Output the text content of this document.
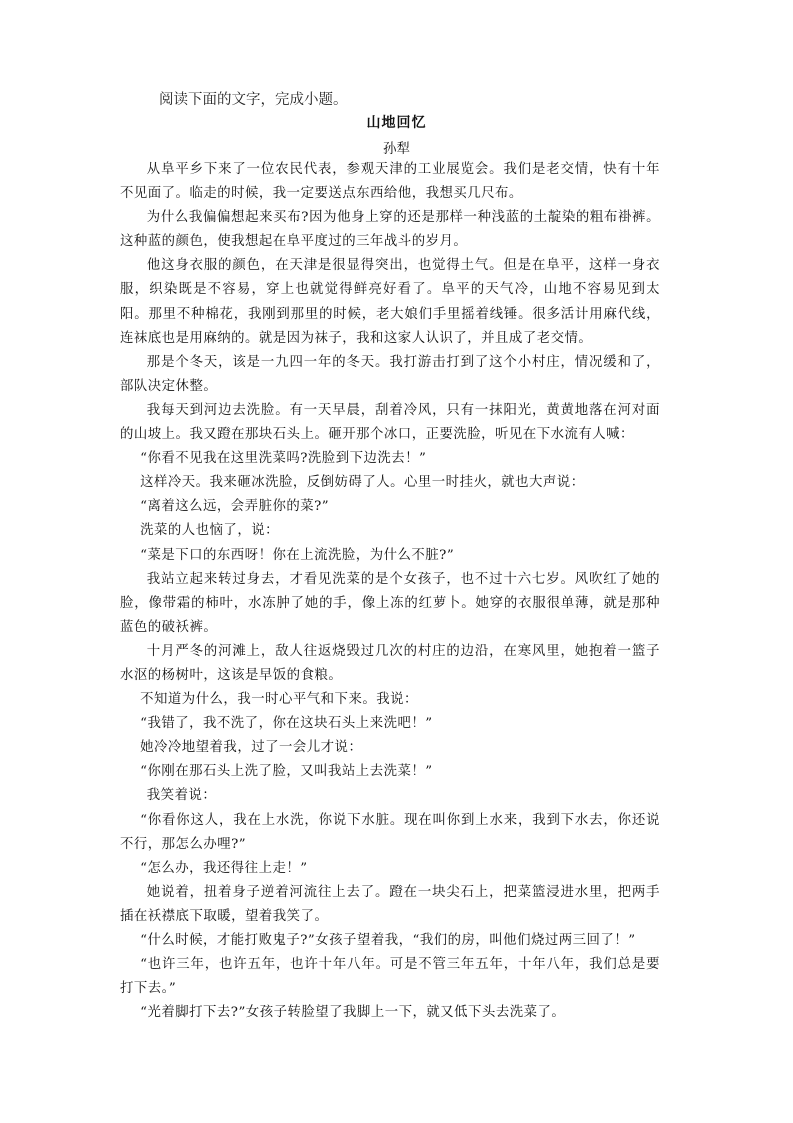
阅读下面的文字，完成小题。
山地回忆
孙犁

从阜平乡下来了一位农民代表，参观天津的工业展览会。我们是老交情，快有十年不见面了。临走的时候，我一定要送点东西给他，我想买几尺布。

为什么我偏偏想起来买布?因为他身上穿的还是那样一种浅蓝的土靛染的粗布褂裤。这种蓝的颜色，使我想起在阜平度过的三年战斗的岁月。

他这身衣服的颜色，在天津是很显得突出，也觉得土气。但是在阜平，这样一身衣服，织染既是不容易，穿上也就觉得鲜亮好看了。阜平的天气冷，山地不容易见到太阳。那里不种棉花，我刚到那里的时候，老大娘们手里摇着线锤。很多活计用麻代线，连袜底也是用麻纳的。就是因为袜子，我和这家人认识了，并且成了老交情。

那是个冬天，该是一九四一年的冬天。我打游击打到了这个小村庄，情况缓和了，部队决定休整。

我每天到河边去洗脸。有一天早晨，刮着冷风，只有一抹阳光，黄黄地落在河对面的山坡上。我又蹬在那块石头上。砸开那个冰口，正要洗脸，听见在下水流有人喊：

“你看不见我在这里洗菜吗?洗脸到下边洗去！”

这样冷天。我来砸冰洗脸，反倒妨碍了人。心里一时挂火，就也大声说：

“离着这么远，会弄脏你的菜?”

洗菜的人也恼了，说：

“菜是下口的东西呀！你在上流洗脸，为什么不脏?”

我站立起来转过身去，才看见洗菜的是个女孩子，也不过十六七岁。风吹红了她的脸，像带霜的柿叶，水冻肿了她的手，像上冻的红萝卜。她穿的衣服很单薄，就是那种蓝色的破袄裤。

十月严冬的河滩上，敌人往返烧毁过几次的村庄的边沿，在寒风里，她抱着一篮子水沤的杨树叶，这该是早饭的食粮。

不知道为什么，我一时心平气和下来。我说：

“我错了，我不洗了，你在这块石头上来洗吧！”

她冷冷地望着我，过了一会儿才说：

“你刚在那石头上洗了脸，又叫我站上去洗菜！”

我笑着说：

“你看你这人，我在上水洗，你说下水脏。现在叫你到上水来，我到下水去，你还说不行，那怎么办哩?”

“怎么办，我还得往上走！”

她说着，扭着身子逆着河流往上去了。蹬在一块尖石上，把菜篮浸进水里，把两手插在袄襟底下取暖，望着我笑了。

“什么时候，才能打败鬼子?”女孩子望着我，“我们的房，叫他们烧过两三回了！”

“也许三年，也许五年，也许十年八年。可是不管三年五年，十年八年，我们总是要打下去。”

“光着脚打下去?”女孩子转脸望了我脚上一下，就又低下头去洗菜了。
